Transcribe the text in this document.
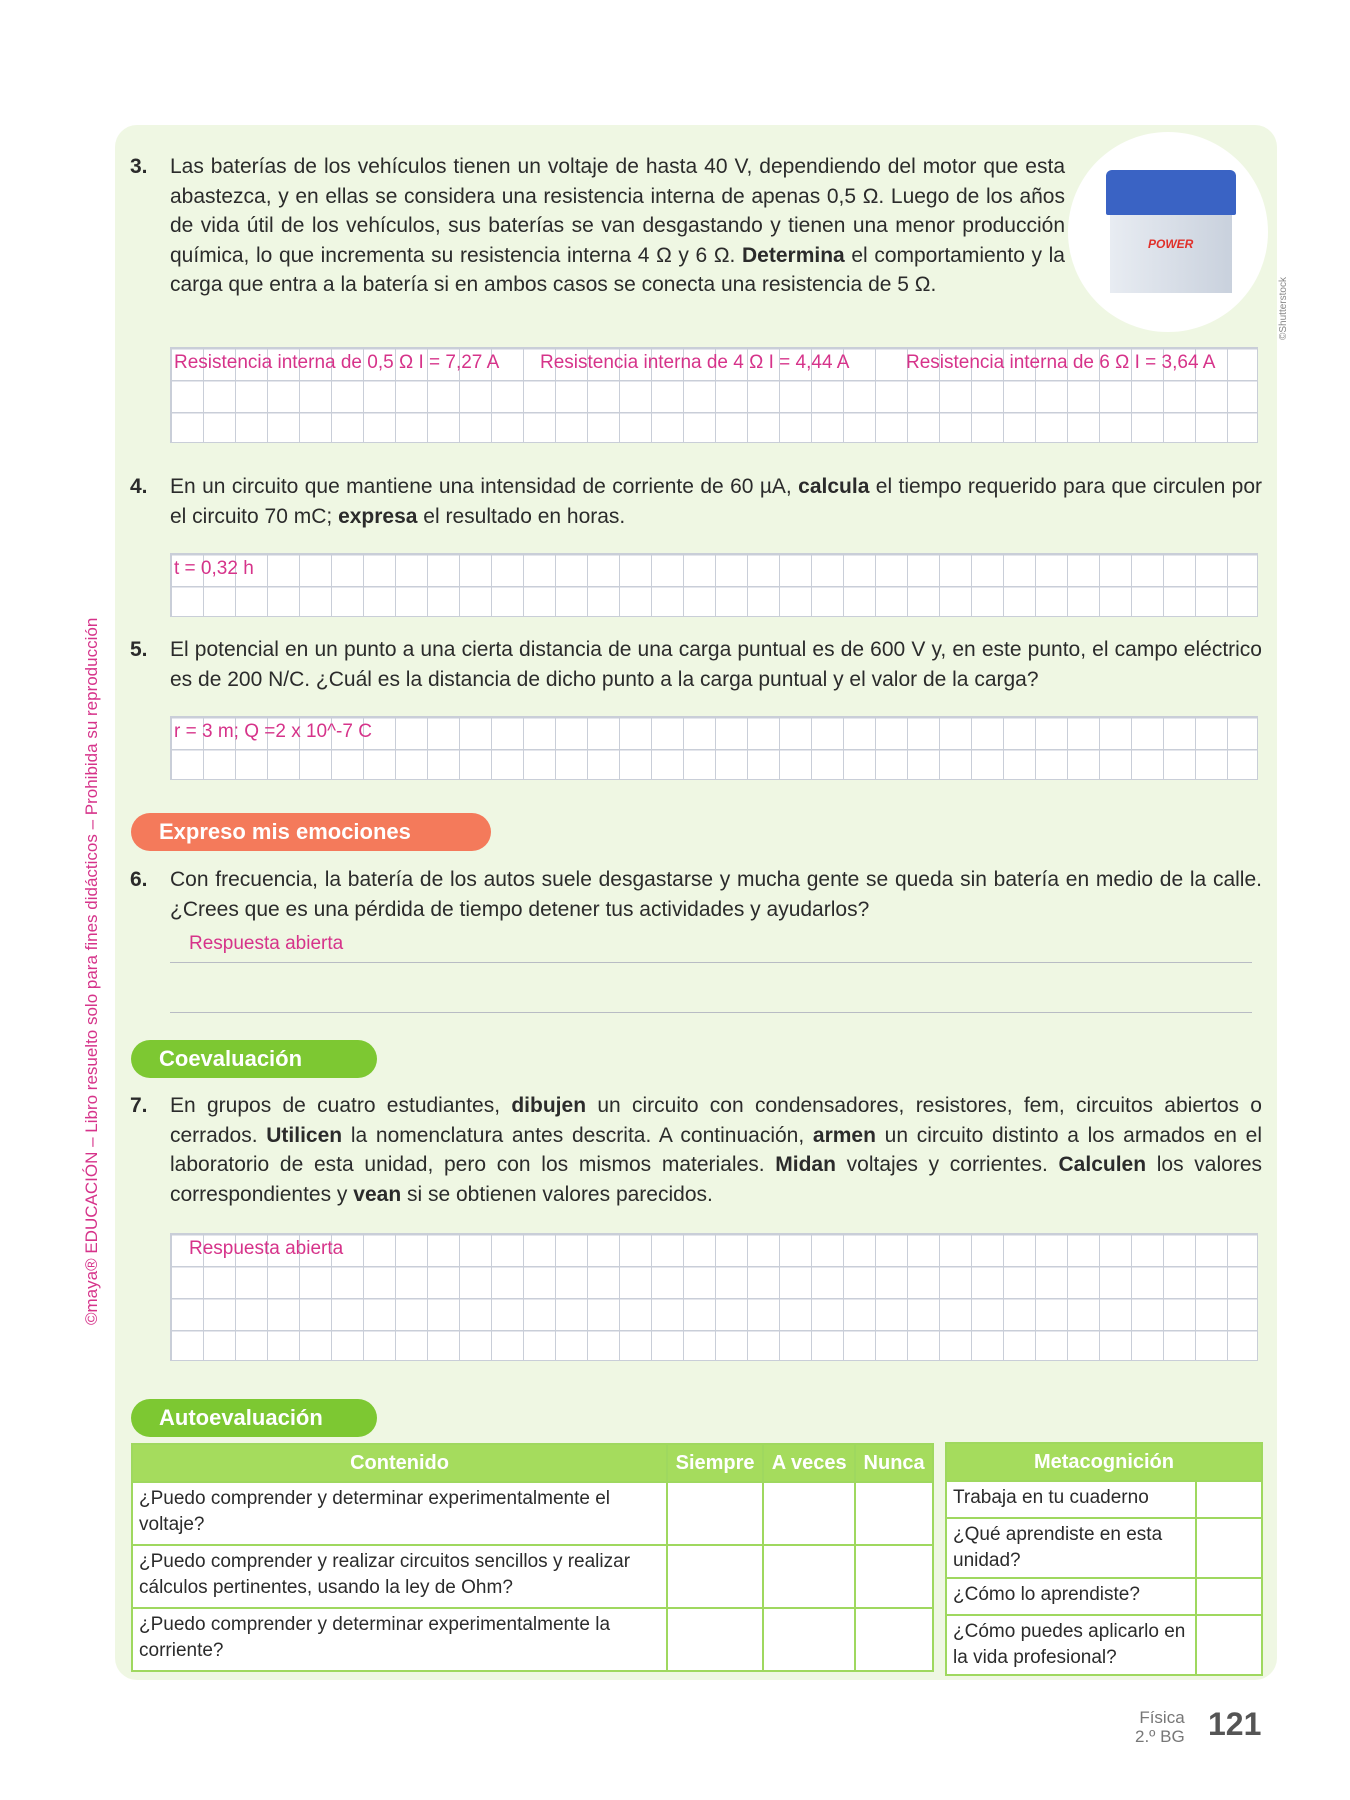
©maya® EDUCACIÓN – Libro resuelto solo para fines didácticos – Prohibida su reproducción
3. Las baterías de los vehículos tienen un voltaje de hasta 40 V, dependiendo del motor que esta abastezca, y en ellas se considera una resistencia interna de apenas 0,5 Ω. Luego de los años de vida útil de los vehículos, sus baterías se van desgastando y tienen una menor producción química, lo que incrementa su resistencia interna 4 Ω y 6 Ω. Determina el comportamiento y la carga que entra a la batería si en ambos casos se conecta una resistencia de 5 Ω.
POWER
©Shutterstock
Resistencia interna de 0,5 Ω I = 7,27 A Resistencia interna de 4 Ω I = 4,44 A	Resistencia interna de 6 Ω I = 3,64 A
4. En un circuito que mantiene una intensidad de corriente de 60 µA, calcula el tiempo requerido para que circulen por el circuito 70 mC; expresa el resultado en horas.
t = 0,32 h
5. El potencial en un punto a una cierta distancia de una carga puntual es de 600 V y, en este punto, el campo eléctrico es de 200 N/C. ¿Cuál es la distancia de dicho punto a la carga puntual y el valor de la carga?
r = 3 m; Q =2 x 10^-7 C
Expreso mis emociones
6. Con frecuencia, la batería de los autos suele desgastarse y mucha gente se queda sin batería en medio de la calle. ¿Crees que es una pérdida de tiempo detener tus actividades y ayudarlos?
Respuesta abierta
Coevaluación
7. En grupos de cuatro estudiantes, dibujen un circuito con condensadores, resistores, fem, circuitos abiertos o cerrados. Utilicen la nomenclatura antes descrita. A continuación, armen un circuito distinto a los armados en el laboratorio de esta unidad, pero con los mismos materiales. Midan voltajes y corrientes. Calculen los valores correspondientes y vean si se obtienen valores parecidos.
Respuesta abierta
Autoevaluación
Contenido	Siempre	A veces	Nunca
¿Puedo comprender y determinar experimentalmente el voltaje?			
¿Puedo comprender y realizar circuitos sencillos y realizar cálculos pertinentes, usando la ley de Ohm?			
¿Puedo comprender y determinar experimentalmente la corriente?			
Metacognición	
Trabaja en tu cuaderno	
¿Qué aprendiste en esta unidad?	
¿Cómo lo aprendiste?	
¿Cómo puedes aplicarlo en la vida profesional?	
Física
2.º BG 121
